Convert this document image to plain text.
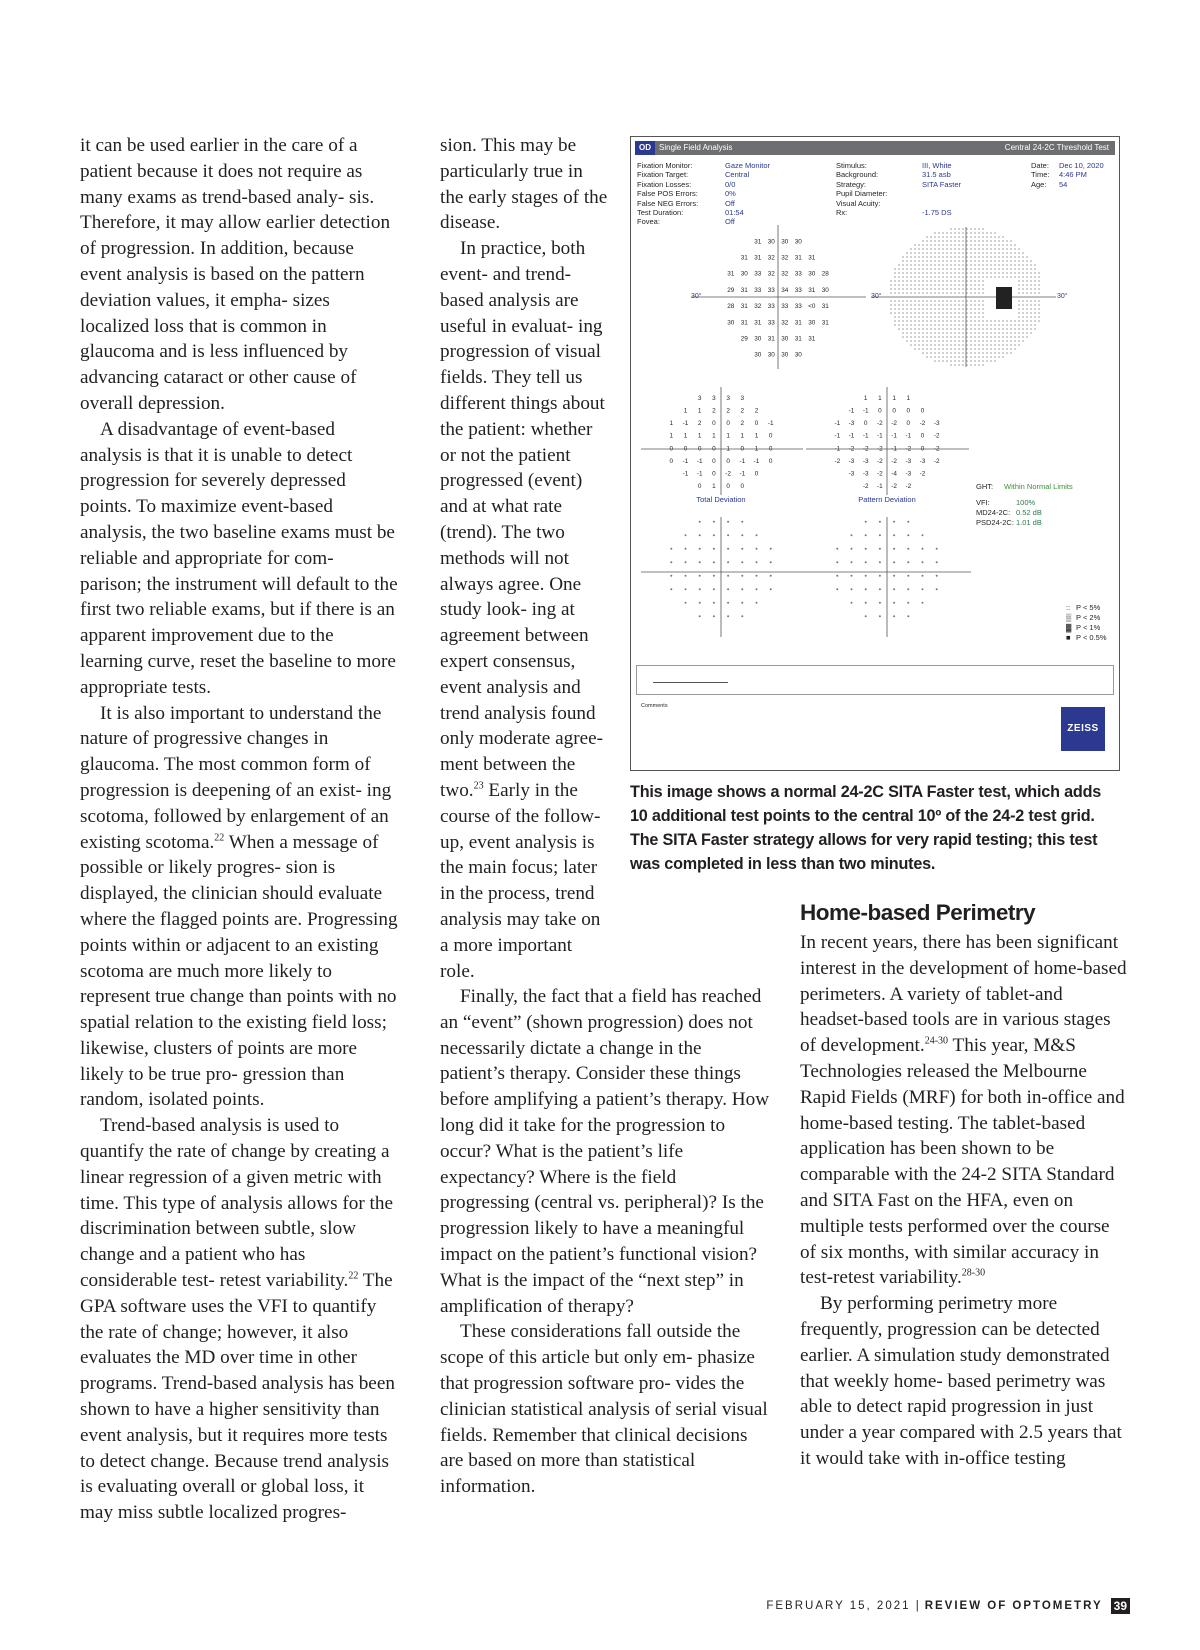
it can be used earlier in the care of a patient because it does not require as many exams as trend-based analy- sis. Therefore, it may allow earlier detection of progression. In addition, because event analysis is based on the pattern deviation values, it empha- sizes localized loss that is common in glaucoma and is less influenced by advancing cataract or other cause of overall depression.

A disadvantage of event-based analysis is that it is unable to detect progression for severely depressed points. To maximize event-based analysis, the two baseline exams must be reliable and appropriate for com- parison; the instrument will default to the first two reliable exams, but if there is an apparent improvement due to the learning curve, reset the baseline to more appropriate tests.

It is also important to understand the nature of progressive changes in glaucoma. The most common form of progression is deepening of an exist- ing scotoma, followed by enlargement of an existing scotoma.$^{22}$ When a message of possible or likely progres- sion is displayed, the clinician should evaluate where the flagged points are. Progressing points within or adjacent to an existing scotoma are much more likely to represent true change than points with no spatial relation to the existing field loss; likewise, clusters of points are more likely to be true pro- gression than random, isolated points.

Trend-based analysis is used to quantify the rate of change by creating a linear regression of a given metric with time. This type of analysis allows for the discrimination between subtle, slow change and a patient who has considerable test- retest variability.$^{22}$ The GPA software uses the VFI to quantify the rate of change; however, it also evaluates the MD over time in other programs. Trend-based analysis has been shown to have a higher sensitivity than event analysis, but it requires more tests to detect change. Because trend analysis is evaluating overall or global loss, it may miss subtle localized progres-

sion. This may be particularly true in the early stages of the disease.

In practice, both event- and trend- based analysis are useful in evaluat- ing progression of visual fields. They tell us different things about the patient: whether or not the patient progressed (event) and at what rate (trend). The two methods will not always agree. One study look- ing at agreement between expert consensus, event analysis and trend analysis found only moderate agree- ment between the two.$^{23}$ Early in the course of the follow-up, event analysis is the main focus; later in the process, trend analysis may take on a more important role.

Finally, the fact that a field has reached an “event” (shown progression) does not necessarily dictate a change in the patient’s therapy. Consider these things before amplifying a patient’s therapy. How long did it take for the progression to occur? What is the patient’s life expectancy? Where is the field progressing (central vs. peripheral)? Is the progression likely to have a meaningful impact on the patient’s functional vision? What is the impact of the “next step” in amplification of therapy?

These considerations fall outside the scope of this article but only em- phasize that progression software pro- vides the clinician statistical analysis of serial visual fields. Remember that clinical decisions are based on more than statistical information.

OD Single Field Analysis	Central 24-2C Threshold Test
Fixation Monitor:	Gaze Monitor
Fixation Target:	Central
Fixation Losses:	0/0
False POS Errors:	0%
False NEG Errors:	Off
Test Duration:	01:54
Fovea:	Off
Stimulus:	III, White
Background:	31.5 asb
Strategy:	SITA Faster
Pupil Diameter:
Visual Acuity:
Rx:	-1.75 DS
Date: Dec 10, 2020
Time: 4:46 PM
Age: 54
31 30 30 30
31 31 32 32 31 31
31 30 33 32 32 33 30 28
29 31 33 33 34 33 31 30
28 31 32 33 33 33 <0 31
30 31 31 33 32 31 30 31
29 30 31 30 31 31
30 30 30 30
3 3 3 3
1 1 2 2 2 2
1 -1 2 0 0 2 0 -1
1 1 1 1 1 1 1 0
0 0 0 0 1 0 1 0
0 -1 -1 0 0 -1 -1 0
-1 -1 0 -2 -1 0
0 1 0 0
1 1 1 1
-1 -1 0 0 0 0
-1 -3 0 -2 -2 0 -2 -3
-1 -1 -1 -1 -1 -1 0 -2
-1 -2 -2 -2 -1 -2 0 -2
-2 -3 -3 -2 -2 -3 -3 -2
-3 -3 -2 -4 -3 -2
-2 -1 -2 -2
30°	30°	30°
Total Deviation	Pattern Deviation
GHT: Within Normal Limits
VFI:	100%
MD24-2C: 0.52 dB
PSD24-2C: 1.01 dB
:: P < 5%
▒ P < 2%
▓ P < 1%
■ P < 0.5%
Comments
ZEISS

This image shows a normal 24-2C SITA Faster test, which adds 10 additional test points to the central 10º of the 24-2 test grid. The SITA Faster strategy allows for very rapid testing; this test was completed in less than two minutes.

Home-based Perimetry

In recent years, there has been significant interest in the development of home-based perimeters. A variety of tablet-and headset-based tools are in various stages of development.$^{24-30}$ This year, M&S Technologies released the Melbourne Rapid Fields (MRF) for both in-office and home-based testing. The tablet-based application has been shown to be comparable with the 24-2 SITA Standard and SITA Fast on the HFA, even on multiple tests performed over the course of six months, with similar accuracy in test-retest variability.$^{28-30}$

By performing perimetry more frequently, progression can be detected earlier. A simulation study demonstrated that weekly home- based perimetry was able to detect rapid progression in just under a year compared with 2.5 years that it would take with in-office testing

FEBRUARY 15, 2021 | REVIEW OF OPTOMETRY 39
